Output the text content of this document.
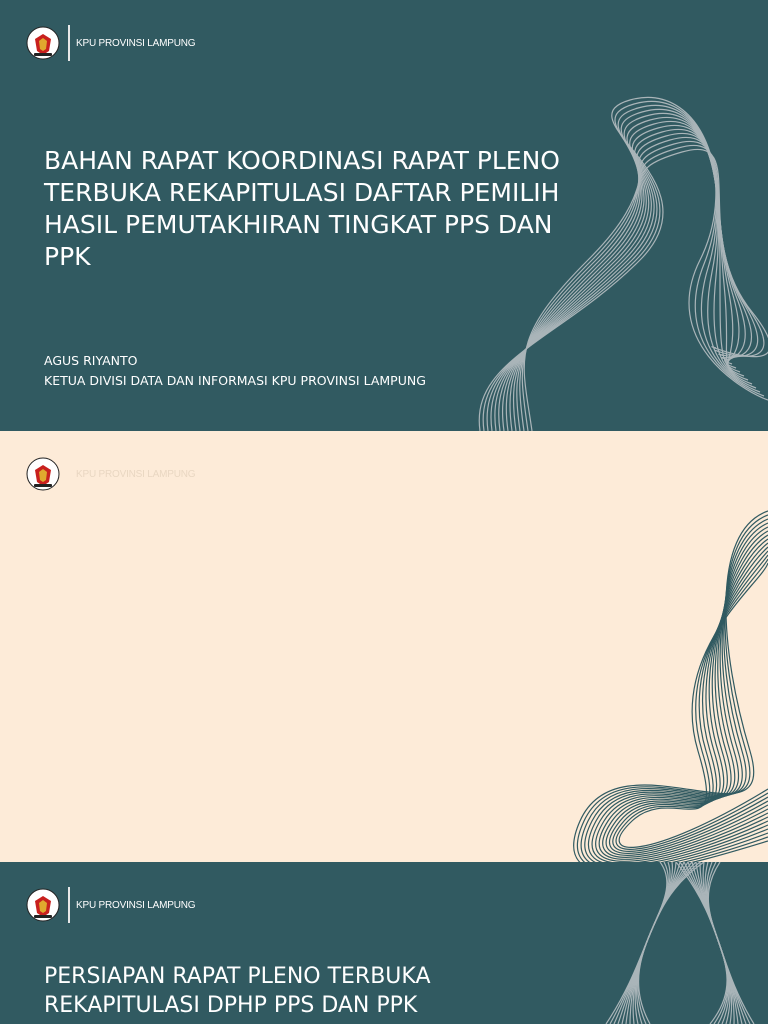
KPU PROVINSI LAMPUNG
BAHAN RAPAT KOORDINASI RAPAT PLENO TERBUKA REKAPITULASI DAFTAR PEMILIH HASIL PEMUTAKHIRAN TINGKAT PPS DAN PPK
AGUS RIYANTO
KETUA DIVISI DATA DAN INFORMASI KPU PROVINSI LAMPUNG
KPU PROVINSI LAMPUNG
KPU PROVINSI LAMPUNG
PERSIAPAN RAPAT PLENO TERBUKA REKAPITULASI DPHP PPS DAN PPK
